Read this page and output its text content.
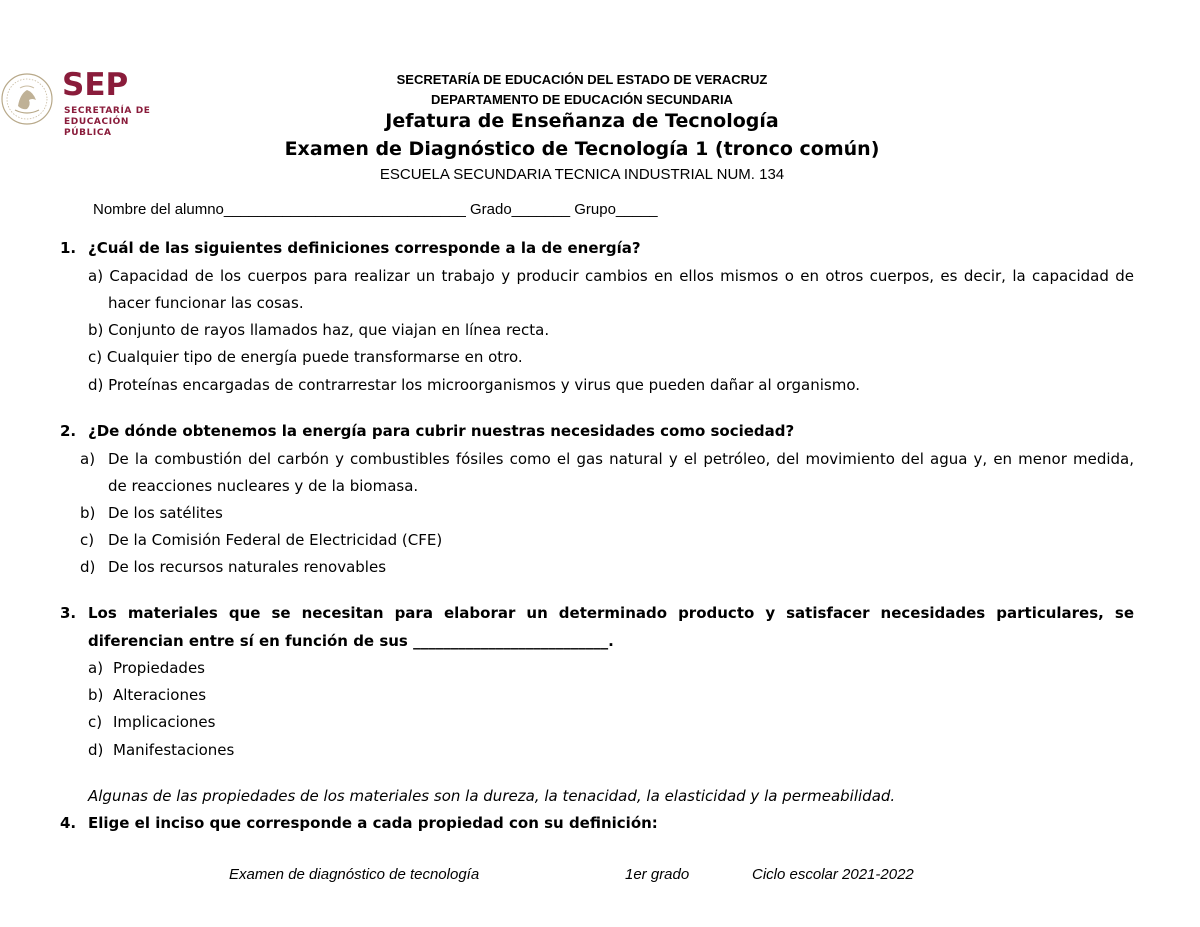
SEP
SECRETARÍA DE
EDUCACIÓN PÚBLICA
SECRETARÍA DE EDUCACIÓN DEL ESTADO DE VERACRUZ
DEPARTAMENTO DE EDUCACIÓN SECUNDARIA
Jefatura de Enseñanza de Tecnología
Examen de Diagnóstico de Tecnología 1 (tronco común)
ESCUELA SECUNDARIA TECNICA INDUSTRIAL NUM. 134
Nombre del alumno_____________________________ Grado_______ Grupo_____
1. ¿Cuál de las siguientes definiciones corresponde a la de energía?
a) Capacidad de los cuerpos para realizar un trabajo y producir cambios en ellos mismos o en otros cuerpos, es decir, la capacidad de
hacer funcionar las cosas.
b) Conjunto de rayos llamados haz, que viajan en línea recta.
c) Cualquier tipo de energía puede transformarse en otro.
d) Proteínas encargadas de contrarrestar los microorganismos y virus que pueden dañar al organismo.
2. ¿De dónde obtenemos la energía para cubrir nuestras necesidades como sociedad?
a) De la combustión del carbón y combustibles fósiles como el gas natural y el petróleo, del movimiento del agua y, en menor medida,
de reacciones nucleares y de la biomasa.
b) De los satélites
c) De la Comisión Federal de Electricidad (CFE)
d) De los recursos naturales renovables
3. Los materiales que se necesitan para elaborar un determinado producto y satisfacer necesidades particulares, se
diferencian entre sí en función de sus __________________________.
a) Propiedades
b) Alteraciones
c) Implicaciones
d) Manifestaciones
Algunas de las propiedades de los materiales son la dureza, la tenacidad, la elasticidad y la permeabilidad.
4. Elige el inciso que corresponde a cada propiedad con su definición:
Examen de diagnóstico de tecnología	1er grado	Ciclo escolar 2021-2022
